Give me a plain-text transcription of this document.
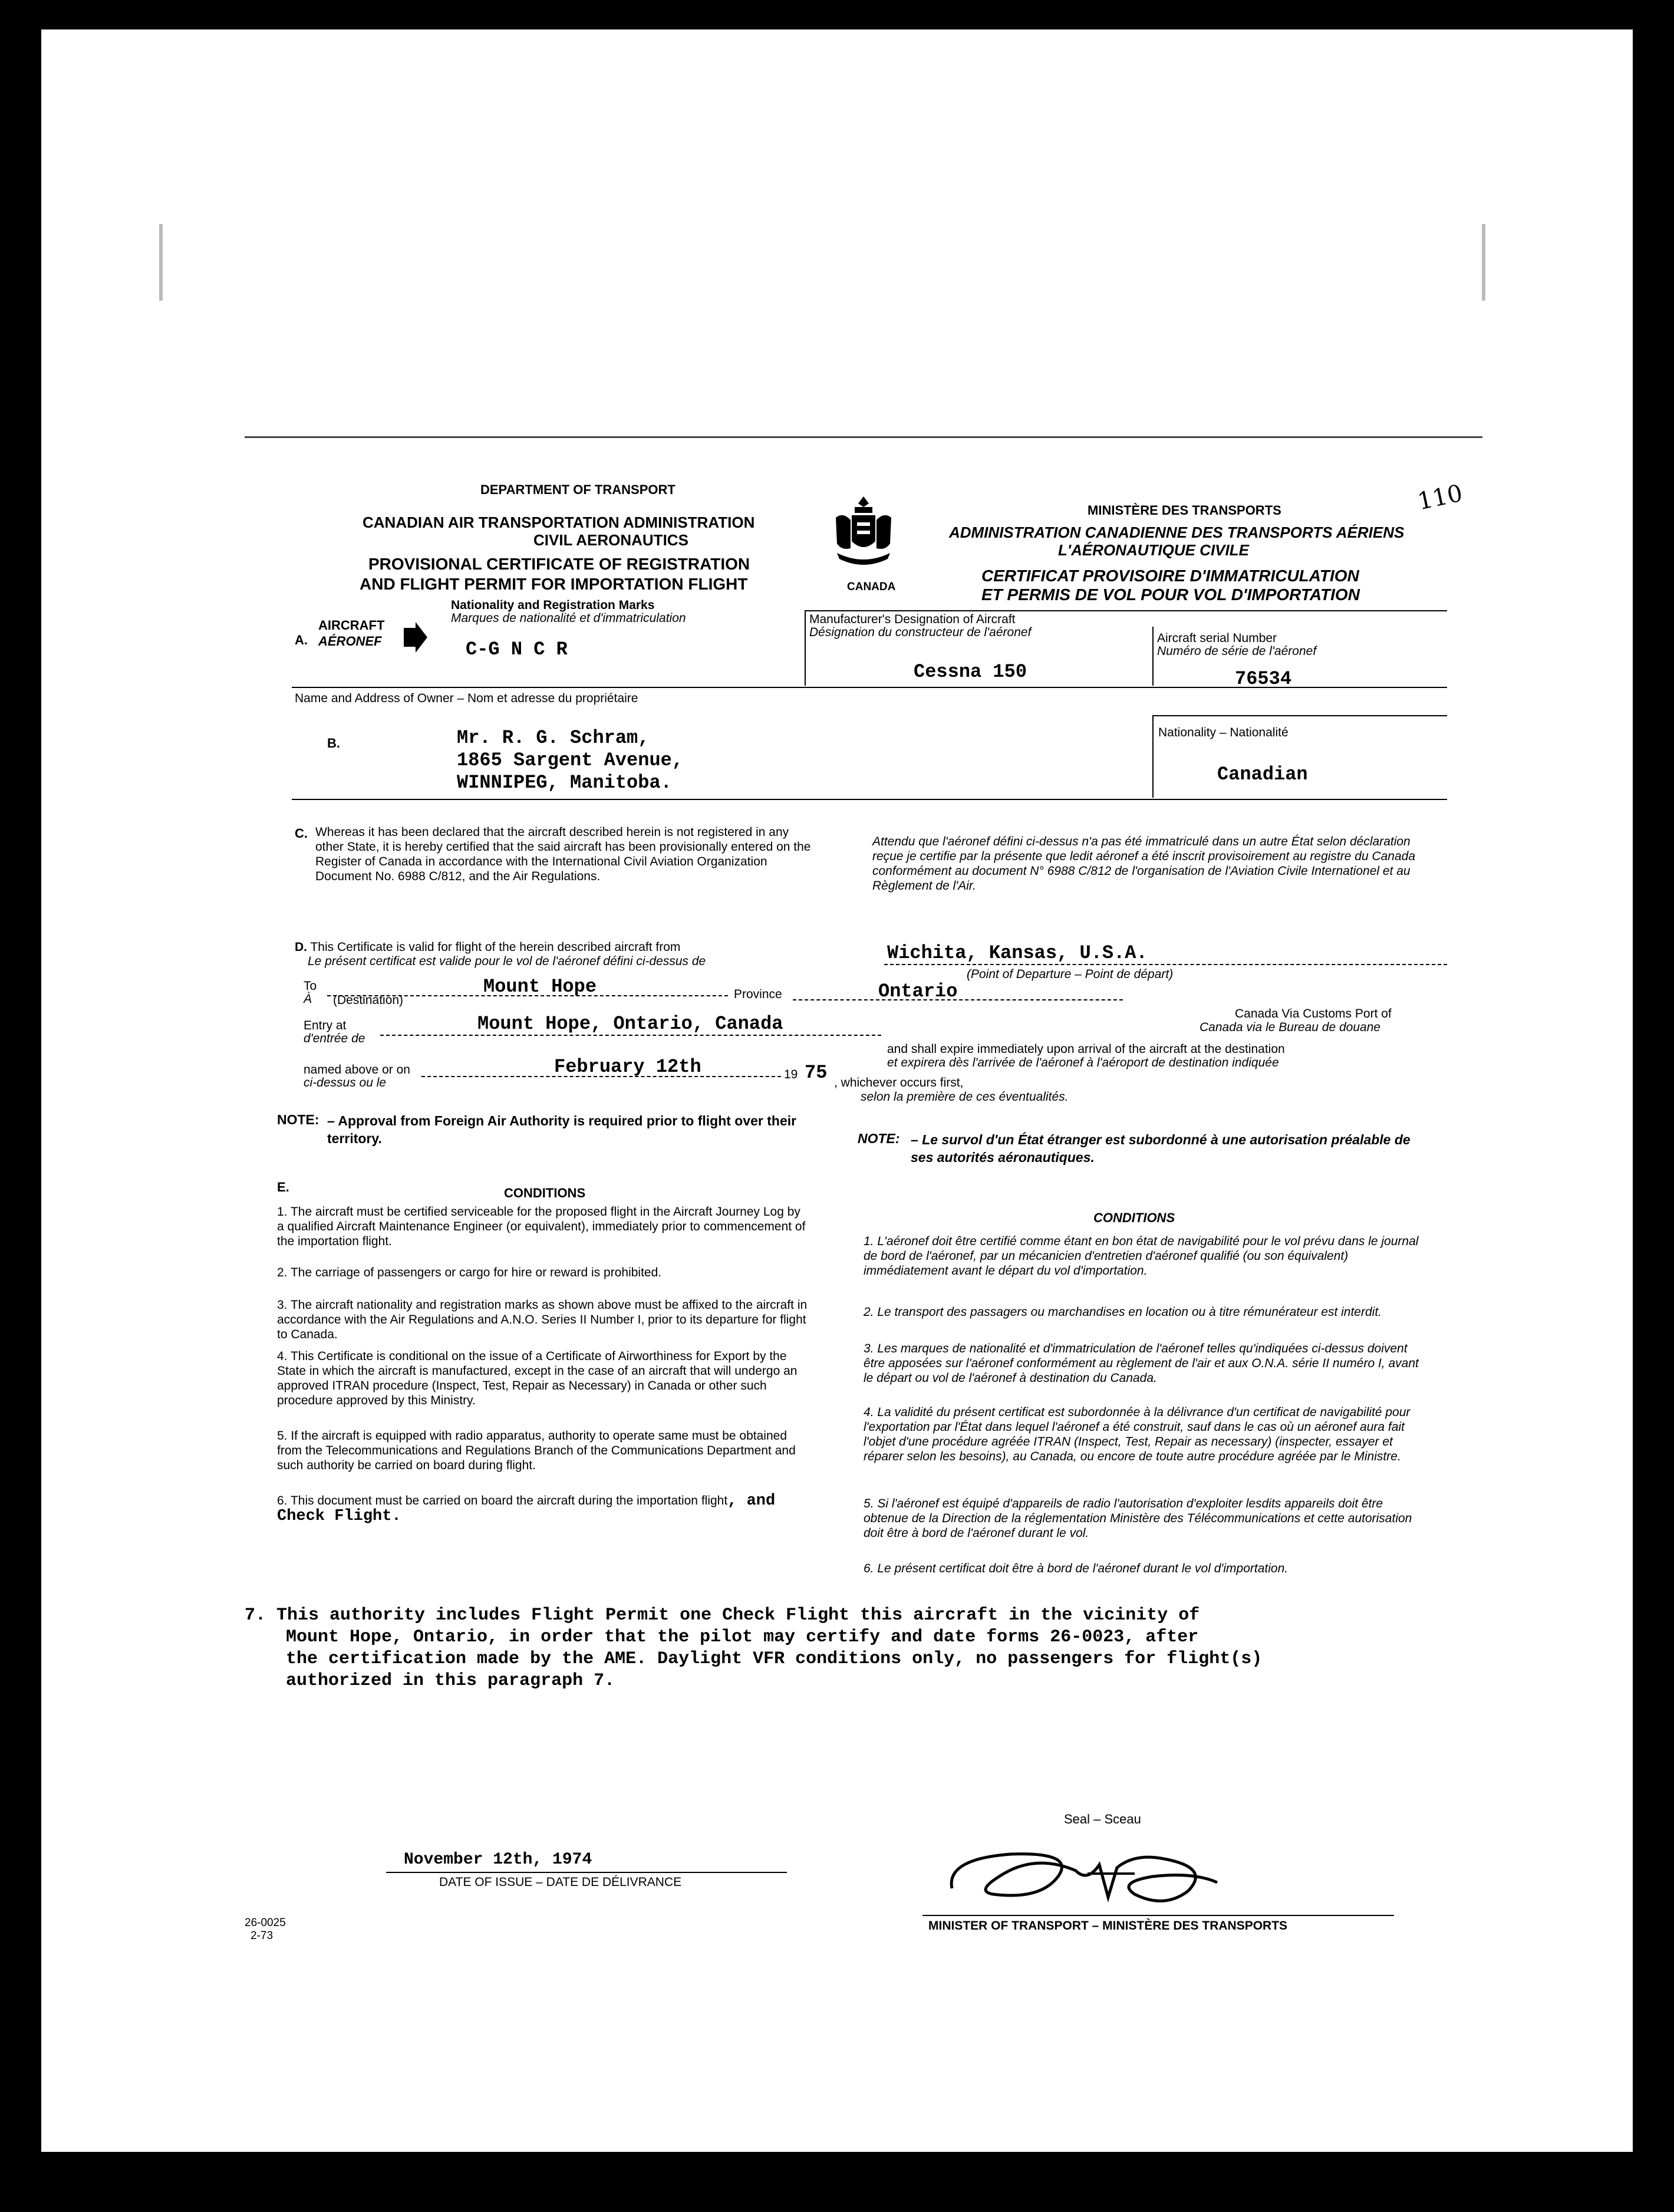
DEPARTMENT OF TRANSPORT
CANADIAN AIR TRANSPORTATION ADMINISTRATION
CIVIL AERONAUTICS
PROVISIONAL CERTIFICATE OF REGISTRATION
AND FLIGHT PERMIT FOR IMPORTATION FLIGHT	CANADA
MINISTÈRE DES TRANSPORTS
ADMINISTRATION CANADIENNE DES TRANSPORTS AÉRIENS
L'AÉRONAUTIQUE CIVILE
CERTIFICAT PROVISOIRE D'IMMATRICULATION
ET PERMIS DE VOL POUR VOL D'IMPORTATION
110
A.
AIRCRAFT
AÉRONEF
Nationality and Registration Marks
Marques de nationalité et d'immatriculation
C-G N C R
Manufacturer's Designation of Aircraft
Désignation du constructeur de l'aéronef
Cessna 150
Aircraft serial Number
Numéro de série de l'aéronef
76534
Name and Address of Owner – Nom et adresse du propriétaire
B.	Mr. R. G. Schram,
1865 Sargent Avenue,
WINNIPEG, Manitoba.
Nationality – Nationalité
Canadian
C. Whereas it has been declared that the aircraft described herein is not registered in any other State, it is hereby certified that the said aircraft has been provisionally entered on the Register of Canada in accordance with the International Civil Aviation Organization Document No. 6988 C/812, and the Air Regulations.
Attendu que l'aéronef défini ci-dessus n'a pas été immatriculé dans un autre État selon déclaration reçue je certifie par la présente que ledit aéronef a été inscrit provisoirement au registre du Canada conformément au document N° 6988 C/812 de l'organisation de l'Aviation Civile Internationel et au Règlement de l'Air.
D. This Certificate is valid for flight of the herein described aircraft from
Le présent certificat est valide pour le vol de l'aéronef défini ci-dessus de	Wichita, Kansas, U.S.A.
(Point of Departure – Point de départ)
To
À (Destination)
Mount Hope	Province	Ontario
Canada Via Customs Port of
Canada via le Bureau de douane
Entry at
d'entrée de
Mount Hope, Ontario, Canada
and shall expire immediately upon arrival of the aircraft at the destination
et expirera dès l'arrivée de l'aéronef à l'aéroport de destination indiquée
named above or on
ci-dessus ou le
February 12th	19 75 , whichever occurs first,
selon la première de ces éventualités.
NOTE: – Approval from Foreign Air Authority is required prior to flight over their territory.	NOTE: – Le survol d'un État étranger est subordonné à une autorisation préalable de ses autorités aéronautiques.
E.	CONDITIONS
CONDITIONS
1. The aircraft must be certified serviceable for the proposed flight in the Aircraft Journey Log by a qualified Aircraft Maintenance Engineer (or equivalent), immediately prior to commencement of the importation flight.
2. The carriage of passengers or cargo for hire or reward is prohibited.
3. The aircraft nationality and registration marks as shown above must be affixed to the aircraft in accordance with the Air Regulations and A.N.O. Series II Number I, prior to its departure for flight to Canada.
4. This Certificate is conditional on the issue of a Certificate of Airworthiness for Export by the State in which the aircraft is manufactured, except in the case of an aircraft that will undergo an approved ITRAN procedure (Inspect, Test, Repair as Necessary) in Canada or other such procedure approved by this Ministry.
5. If the aircraft is equipped with radio apparatus, authority to operate same must be obtained from the Telecommunications and Regulations Branch of the Communications Department and such authority be carried on board during flight.
6. This document must be carried on board the aircraft during the importation flight, and Check Flight.
1. L'aéronef doit être certifié comme étant en bon état de navigabilité pour le vol prévu dans le journal de bord de l'aéronef, par un mécanicien d'entretien d'aéronef qualifié (ou son équivalent) immédiatement avant le départ du vol d'importation.
2. Le transport des passagers ou marchandises en location ou à titre rémunérateur est interdit.
3. Les marques de nationalité et d'immatriculation de l'aéronef telles qu'indiquées ci-dessus doivent être apposées sur l'aéronef conformément au règlement de l'air et aux O.N.A. série II numéro I, avant le départ ou vol de l'aéronef à destination du Canada.
4. La validité du présent certificat est subordonnée à la délivrance d'un certificat de navigabilité pour l'exportation par l'État dans lequel l'aéronef a été construit, sauf dans le cas où un aéronef aura fait l'objet d'une procédure agréée ITRAN (Inspect, Test, Repair as necessary) (inspecter, essayer et réparer selon les besoins), au Canada, ou encore de toute autre procédure agréée par le Ministre.
5. Si l'aéronef est équipé d'appareils de radio l'autorisation d'exploiter lesdits appareils doit être obtenue de la Direction de la réglementation Ministère des Télécommunications et cette autorisation doit être à bord de l'aéronef durant le vol.
6. Le présent certificat doit être à bord de l'aéronef durant le vol d'importation.
7. This authority includes Flight Permit one Check Flight this aircraft in the vicinity of
Mount Hope, Ontario, in order that the pilot may certify and date forms 26-0023, after
the certification made by the AME. Daylight VFR conditions only, no passengers for flight(s)
authorized in this paragraph 7.
Seal – Sceau
November 12th, 1974
DATE OF ISSUE – DATE DE DÉLIVRANCE
MINISTER OF TRANSPORT – MINISTÈRE DES TRANSPORTS
26-0025
2-73
